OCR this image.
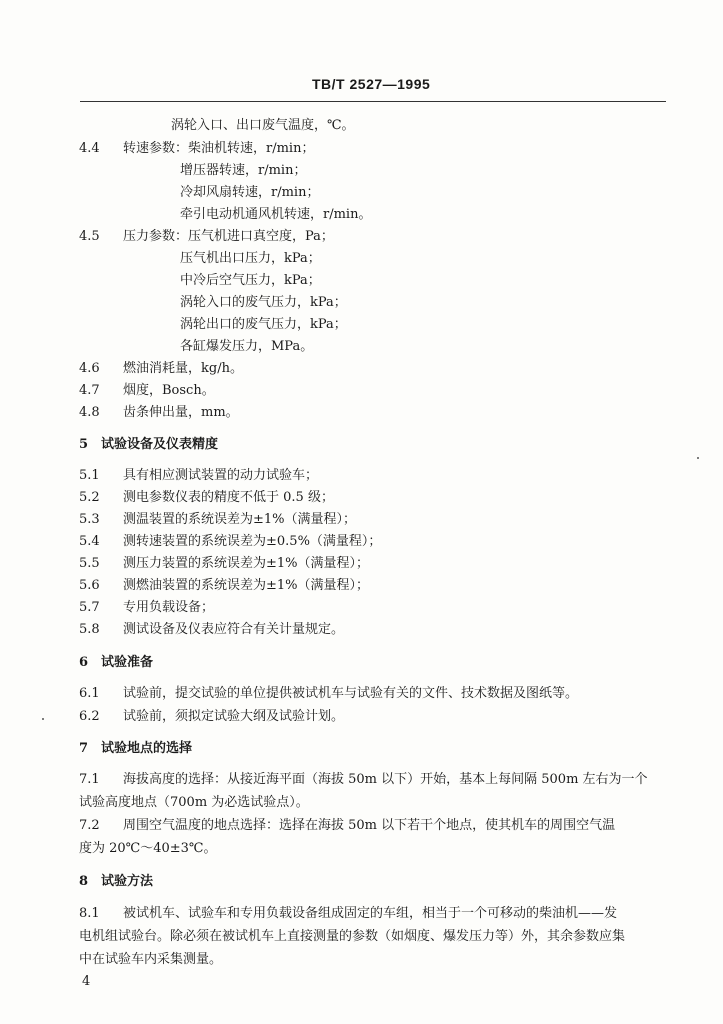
TB/T 2527—1995
涡轮入口、出口废气温度，℃。
4.4 转速参数：柴油机转速，r/min；
增压器转速，r/min；
冷却风扇转速，r/min；
牵引电动机通风机转速，r/min。
4.5 压力参数：压气机进口真空度，Pa；
压气机出口压力，kPa；
中冷后空气压力，kPa；
涡轮入口的废气压力，kPa；
涡轮出口的废气压力，kPa；
各缸爆发压力，MPa。
4.6 燃油消耗量，kg/h。
4.7 烟度，Bosch。
4.8 齿条伸出量，mm。
5 试验设备及仪表精度
5.1 具有相应测试装置的动力试验车；
5.2 测电参数仪表的精度不低于 0.5 级；
5.3 测温装置的系统误差为±1%（满量程）；
5.4 测转速装置的系统误差为±0.5%（满量程）；
5.5 测压力装置的系统误差为±1%（满量程）；
5.6 测燃油装置的系统误差为±1%（满量程）；
5.7 专用负载设备；
5.8 测试设备及仪表应符合有关计量规定。
6 试验准备
6.1 试验前，提交试验的单位提供被试机车与试验有关的文件、技术数据及图纸等。
6.2 试验前，须拟定试验大纲及试验计划。
7 试验地点的选择
7.1 海拔高度的选择：从接近海平面（海拔 50m 以下）开始，基本上每间隔 500m 左右为一个
试验高度地点（700m 为必选试验点）。
7.2 周围空气温度的地点选择：选择在海拔 50m 以下若干个地点，使其机车的周围空气温
度为 20℃～40±3℃。
8 试验方法
8.1 被试机车、试验车和专用负载设备组成固定的车组，相当于一个可移动的柴油机——发
电机组试验台。除必须在被试机车上直接测量的参数（如烟度、爆发压力等）外，其余参数应集
中在试验车内采集测量。
4
